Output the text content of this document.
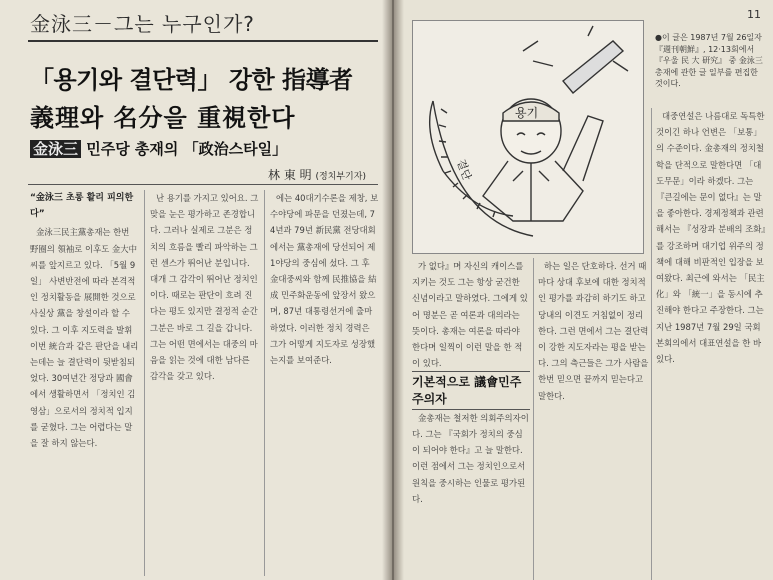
金泳三－그는 누구인가?
「용기와 결단력」 강한 指導者
義理와 名分을 重視한다
金泳三 민주당 총재의 「政治스타일」
林 東 明 (정치부기자)

“金泳三 초롱 활리 피의한다”

金泳三民主黨총재는 한번 野圈의 領袖로 이후도 金大中씨를 앞지르고 있다. 「5월 9일」 사변반전에 따라 본격적인 정치활동을 展開한 것으로 사실상 黨을 창설이라 할 수 있다. 그 이후 지도력을 발휘 이번 統合과 같은 판단을 내리는데는 늘 결단력이 뒷받침되었다. 30여년간 정당과 國會에서 생활하면서 「정치인 김영삼」으로서의 정치적 입지를 굳혔다. 그는 어렵다는 말을 잘 하지 않는다.

난 용기를 가지고 있어요. 그 맞을 눈은 평가하고 존경합니다. 그러나 실제로 그분은 정치의 흐름을 빨리 파악하는 그런 센스가 뛰어난 분입니다. 대개 그 감각이 뛰어난 정치인이다. 때로는 판단이 흐려 진다는 평도 있지만 결정적 순간 그분은 바로 그 길을 갑니다. 그는 어떤 면에서는 대중의 마음을 읽는 것에 대한 남다른 감각을 갖고 있다.

에는 40대기수론을 제창, 보수야당에 파문을 던졌는데, 74년과 79년 新民黨 전당대회에서는 黨총재에 당선되어 제1야당의 중심에 섰다. 그 후 金대중씨와 함께 民推協을 結成 민주화운동에 앞장서 왔으며, 87년 대통령선거에 출마하였다. 이러한 정치 경력은 그가 어떻게 지도자로 성장했는지를 보여준다.

11
용기
결단
●이 글은 1987년 7월 26일자 『週刊朝鮮』, 12·13회에서 『우울 民 大 研究』 중 金泳三 총재에 관한 글 일부를 편집한 것이다.

가 없다』며 자신의 캐이스를 지키는 것도 그는 항상 굳건한 신념이라고 말하였다. 그에게 있어 명분은 곧 여론과 대의라는 뜻이다. 총재는 여론을 따라야 한다며 일찍이 이런 말을 한 적이 있다.

기본적으로 議會민주주의자

金총재는 철저한 의회주의자이다. 그는 『국회가 정치의 중심이 되어야 한다』고 늘 말한다. 이런 점에서 그는 정치인으로서 원칙을 중시하는 인물로 평가된다.

하는 일은 단호하다. 선거 때마다 상대 후보에 대한 정치적인 평가를 과감히 하기도 하고 당내의 이견도 거침없이 정리한다. 그런 면에서 그는 결단력이 강한 지도자라는 평을 받는다. 그의 측근들은 그가 사람을 한번 믿으면 끝까지 믿는다고 말한다.

대중연설은 나름대로 독특한 것이긴 하나 언변은 「보통」의 수준이다. 金총재의 정치철학을 단적으로 말한다면 「대도무문」이라 하겠다. 그는 『큰길에는 문이 없다』는 말을 좋아한다. 경제정책과 관련해서는 『성장과 분배의 조화』를 강조하며 대기업 위주의 정책에 대해 비판적인 입장을 보여왔다. 최근에 와서는 「民主化」와 「統一」을 동시에 추진해야 한다고 주장한다. 그는 지난 1987년 7월 29일 국회 본회의에서 대표연설을 한 바 있다.
